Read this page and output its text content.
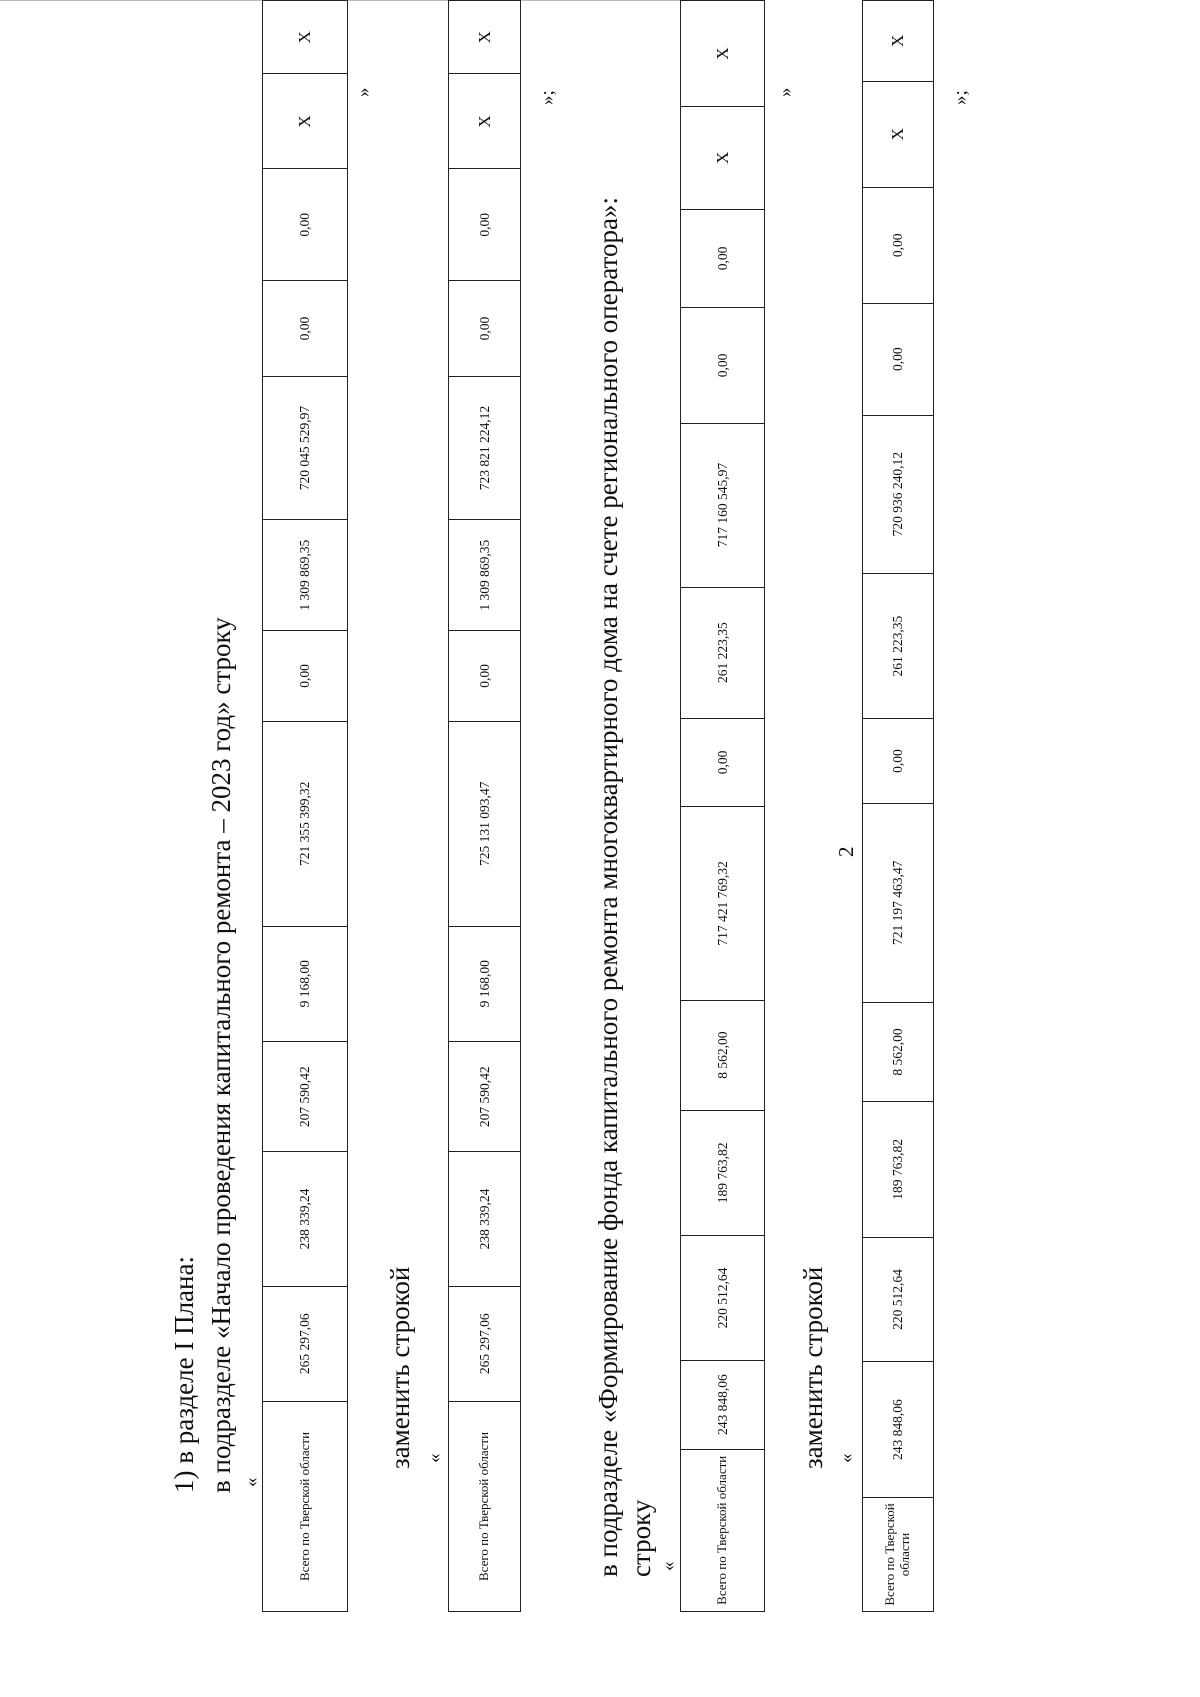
2
1) в разделе I Плана: в подразделе «Начало проведения капитального ремонта – 2023 год» строку «	Всего по Тверской области	265 297,06	238 339,24	207 590,42	9 168,00	721 355 399,32	0,00	1 309 869,35	720 045 529,97	0,00	0,00	Х	Х
»
заменить строкой « Всего по Тверской области	265 297,06	238 339,24	207 590,42	9 168,00	725 131 093,47	0,00	1 309 869,35	723 821 224,12	0,00	0,00	Х	Х
»;
в подразделе «Формирование фонда капитального ремонта многоквартирного дома на счете регионального оператора»: строку «	Всего по Тверской области	243 848,06	220 512,64	189 763,82	8 562,00	717 421 769,32	0,00	261 223,35	717 160 545,97	0,00	0,00	Х	Х
»
заменить строкой «
Всего по Тверской области	243 848,06	220 512,64	189 763,82	8 562,00	721 197 463,47	0,00	261 223,35	720 936 240,12	0,00	0,00	Х	Х
»;
